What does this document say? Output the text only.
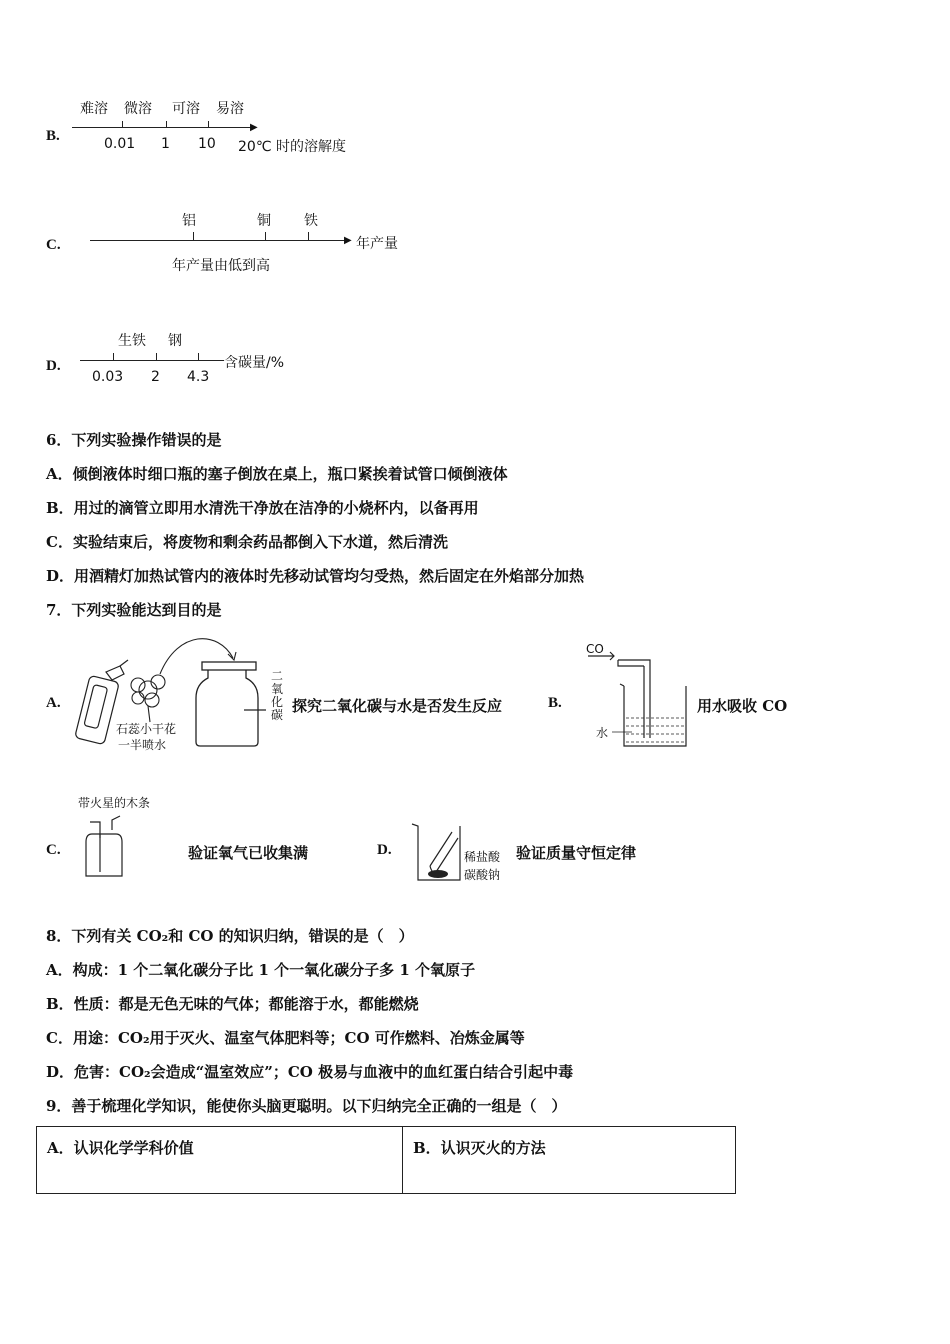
B.
难溶 微溶 可溶 易溶
▶
0.01 1 10 20℃ 时的溶解度
C.
铝	铜 铁
▶ 年产量
年产量由低到高
D.
生铁 钢
含碳量/%
0.03 2 4.3
6．下列实验操作错误的是
A．倾倒液体时细口瓶的塞子倒放在桌上，瓶口紧挨着试管口倾倒液体
B．用过的滴管立即用水清洗干净放在洁净的小烧杯内，以备再用
C．实验结束后，将废物和剩余药品都倒入下水道，然后清洗
D．用酒精灯加热试管内的液体时先移动试管均匀受热，然后固定在外焰部分加热
7．下列实验能达到目的是
A.
石蕊小干花
一半喷水
二氧化碳 探究二氧化碳与水是否发生反应	B.
CO
水
用水吸收 CO
C.
带火星的木条
验证氧气已收集满	D.	稀盐酸
碳酸钠
验证质量守恒定律
8．下列有关 CO₂和 CO 的知识归纳，错误的是（　）
A．构成：1 个二氧化碳分子比 1 个一氧化碳分子多 1 个氧原子
B．性质：都是无色无味的气体；都能溶于水，都能燃烧
C．用途：CO₂用于灭火、温室气体肥料等；CO 可作燃料、冶炼金属等
D．危害：CO₂会造成“温室效应”；CO 极易与血液中的血红蛋白结合引起中毒
9．善于梳理化学知识，能使你头脑更聪明。以下归纳完全正确的一组是（　）
A．认识化学学科价值	B．认识灭火的方法
